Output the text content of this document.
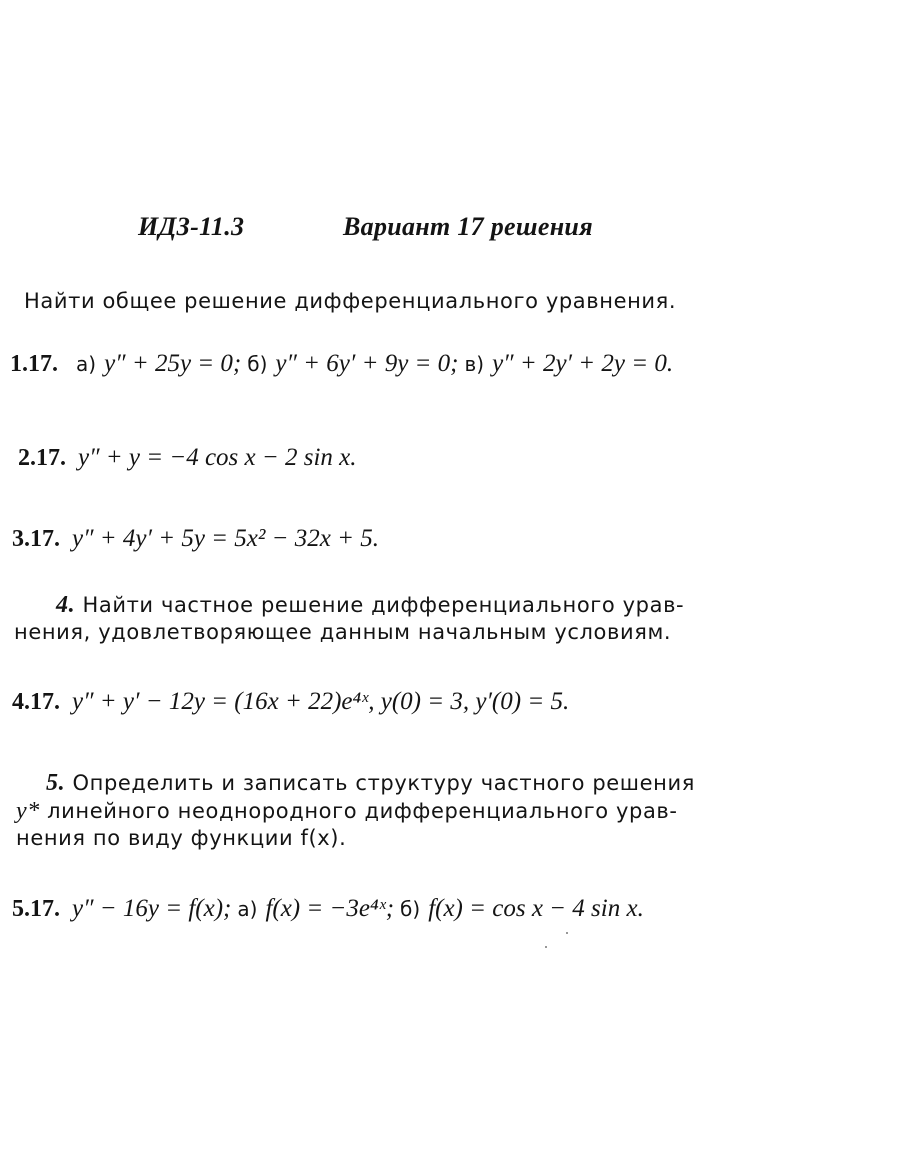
ИДЗ-11.3	Вариант 17 решения
Найти общее решение дифференциального уравнения.
1.17. а) y″ + 25y = 0; б) y″ + 6y′ + 9y = 0; в) y″ + 2y′ + 2y = 0.
2.17. y″ + y = −4 cos x − 2 sin x.
3.17. y″ + 4y′ + 5y = 5x² − 32x + 5.
4. Найти частное решение дифференциального урав-
нения, удовлетворяющее данным начальным условиям.
4.17. y″ + y′ − 12y = (16x + 22)e⁴ˣ, y(0) = 3, y′(0) = 5.
5. Определить и записать структуру частного решения
y* линейного неоднородного дифференциального урав-
нения по виду функции f(x).
5.17. y″ − 16y = f(x); а) f(x) = −3e⁴ˣ; б) f(x) = cos x − 4 sin x.
